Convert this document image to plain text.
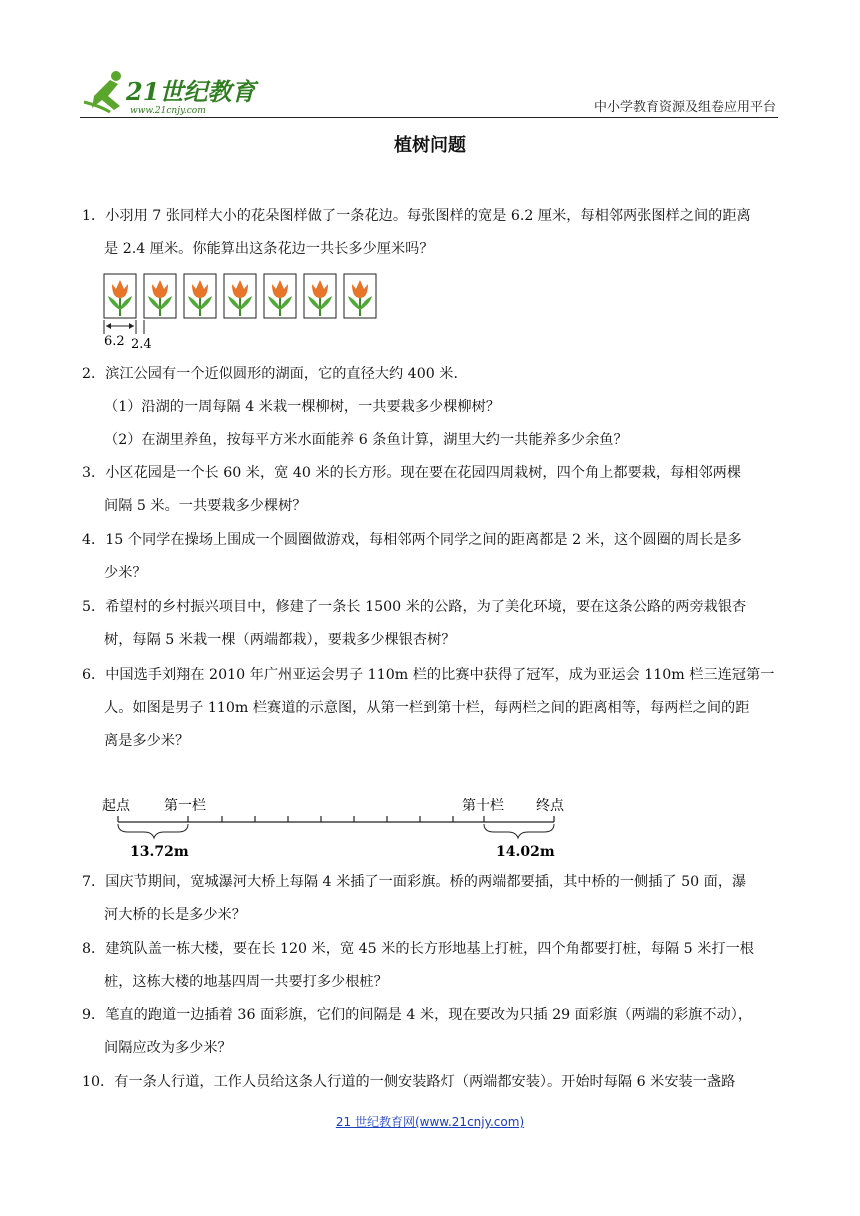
21世纪教育
www.21cnjy.com	中小学教育资源及组卷应用平台
植树问题
1．小羽用 7 张同样大小的花朵图样做了一条花边。每张图样的宽是 6.2 厘米，每相邻两张图样之间的距离
是 2.4 厘米。你能算出这条花边一共长多少厘米吗？
6.2 2.4
2．滨江公园有一个近似圆形的湖面，它的直径大约 400 米．
（1）沿湖的一周每隔 4 米栽一棵柳树，一共要栽多少棵柳树？
（2）在湖里养鱼，按每平方米水面能养 6 条鱼计算，湖里大约一共能养多少余鱼？
3．小区花园是一个长 60 米，宽 40 米的长方形。现在要在花园四周栽树，四个角上都要栽，每相邻两棵
间隔 5 米。一共要栽多少棵树？
4．15 个同学在操场上围成一个圆圈做游戏，每相邻两个同学之间的距离都是 2 米，这个圆圈的周长是多
少米？
5．希望村的乡村振兴项目中，修建了一条长 1500 米的公路，为了美化环境，要在这条公路的两旁栽银杏
树，每隔 5 米栽一棵（两端都栽），要栽多少棵银杏树？
6．中国选手刘翔在 2010 年广州亚运会男子 110m 栏的比赛中获得了冠军，成为亚运会 110m 栏三连冠第一
人。如图是男子 110m 栏赛道的示意图，从第一栏到第十栏，每两栏之间的距离相等，每两栏之间的距
离是多少米？
起点 第一栏	第十栏 终点
13.72m	14.02m
7．国庆节期间，宽城瀑河大桥上每隔 4 米插了一面彩旗。桥的两端都要插，其中桥的一侧插了 50 面，瀑
河大桥的长是多少米？
8．建筑队盖一栋大楼，要在长 120 米，宽 45 米的长方形地基上打桩，四个角都要打桩，每隔 5 米打一根
桩，这栋大楼的地基四周一共要打多少根桩？
9．笔直的跑道一边插着 36 面彩旗，它们的间隔是 4 米，现在要改为只插 29 面彩旗（两端的彩旗不动），
间隔应改为多少米？
10．有一条人行道，工作人员给这条人行道的一侧安装路灯（两端都安装）。开始时每隔 6 米安装一盏路
21 世纪教育网(www.21cnjy.com)
